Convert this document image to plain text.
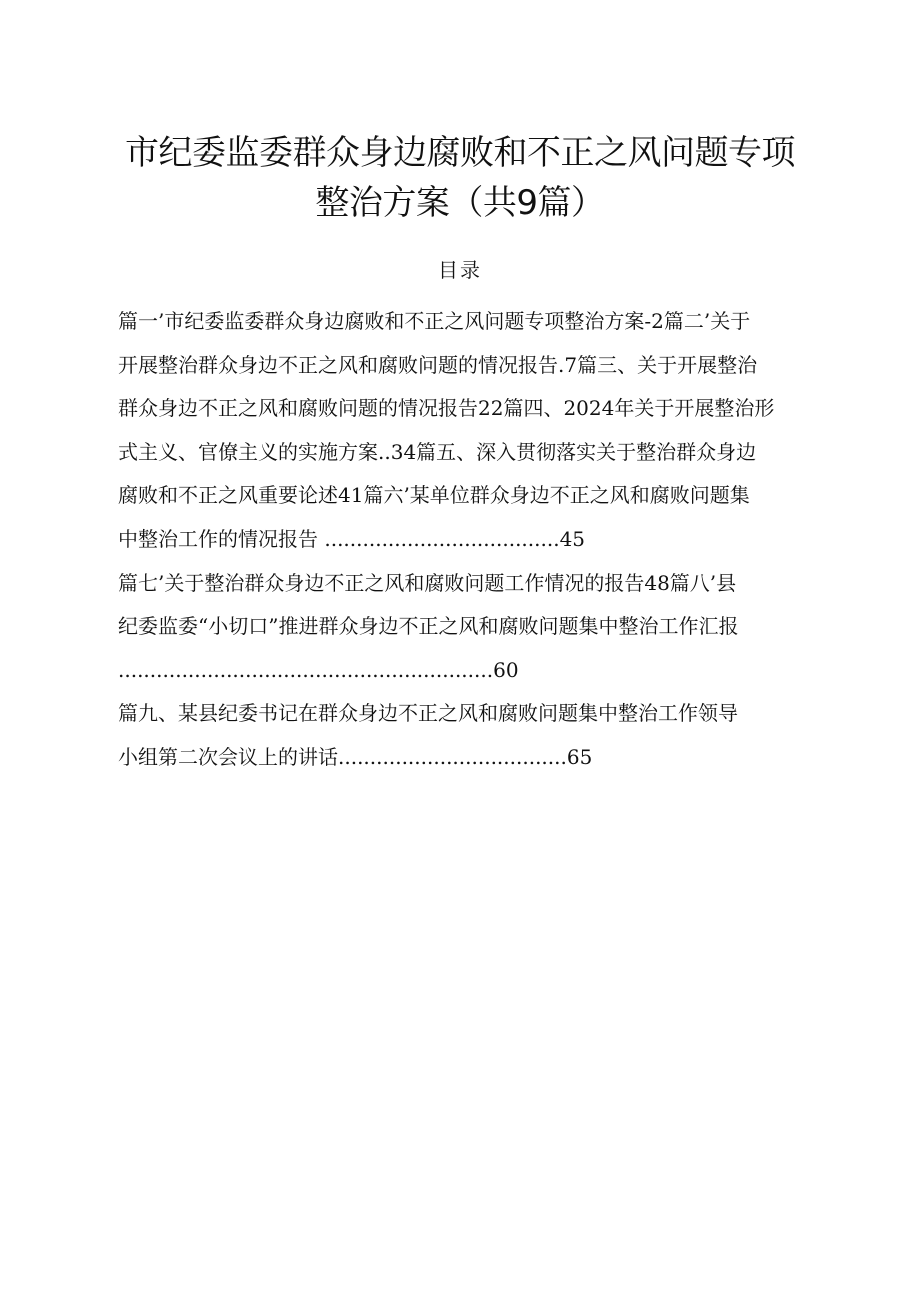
市纪委监委群众身边腐败和不正之风问题专项
整治方案（共9篇）
目录
篇一’市纪委监委群众身边腐败和不正之风问题专项整治方案-2篇二’关于
开展整治群众身边不正之风和腐败问题的情况报告.7篇三、关于开展整治
群众身边不正之风和腐败问题的情况报告22篇四、2024年关于开展整治形
式主义、官僚主义的实施方案..34篇五、深入贯彻落实关于整治群众身边
腐败和不正之风重要论述41篇六’某单位群众身边不正之风和腐败问题集
中整治工作的情况报告 .....................................45
篇七’关于整治群众身边不正之风和腐败问题工作情况的报告48篇八’县
纪委监委“小切口”推进群众身边不正之风和腐败问题集中整治工作汇报
...........................................................60
篇九、某县纪委书记在群众身边不正之风和腐败问题集中整治工作领导
小组第二次会议上的讲话....................................65
